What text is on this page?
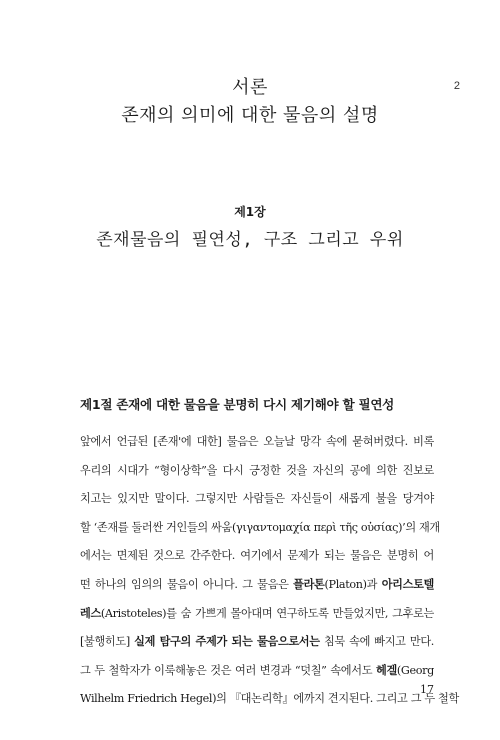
2
서론
존재의 의미에 대한 물음의 설명
제1장
존재물음의 필연성, 구조 그리고 우위
제1절 존재에 대한 물음을 분명히 다시 제기해야 할 필연성
앞에서 언급된 [존재'에 대한] 물음은 오늘날 망각 속에 묻혀버렸다. 비록
우리의 시대가 “형이상학”을 다시 긍정한 것을 자신의 공에 의한 진보로
치고는 있지만 말이다. 그렇지만 사람들은 자신들이 새롭게 불을 당겨야
할 ‘존재를 둘러싼 거인들의 싸움(γιγαντομαχία περὶ τῆς οὐσίας)’의 재개
에서는 면제된 것으로 간주한다. 여기에서 문제가 되는 물음은 분명히 어
떤 하나의 임의의 물음이 아니다. 그 물음은 플라톤(Platon)과 아리스토텔
레스(Aristoteles)를 숨 가쁘게 몰아대며 연구하도록 만들었지만, 그후로는
[불행히도] 실제 탐구의 주제가 되는 물음으로서는 침묵 속에 빠지고 만다.
그 두 철학자가 이룩해놓은 것은 여러 변경과 “덧칠” 속에서도 헤겔(Georg
Wilhelm Friedrich Hegel)의 『대논리학』에까지 견지된다. 그리고 그 두 철학
17
